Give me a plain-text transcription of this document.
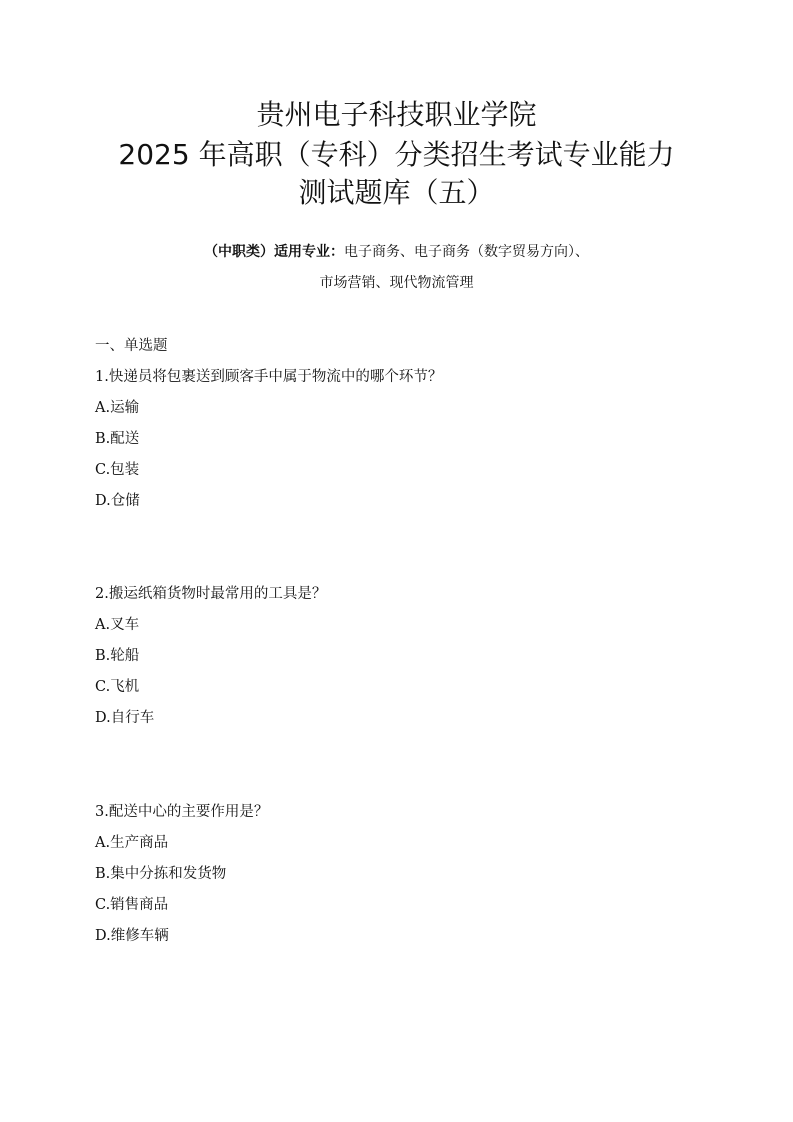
贵州电子科技职业学院
2025 年高职（专科）分类招生考试专业能力
测试题库（五）
（中职类）适用专业：电子商务、电子商务（数字贸易方向）、
市场营销、现代物流管理
一、单选题
1.快递员将包裹送到顾客手中属于物流中的哪个环节？
A.运输
B.配送
C.包装
D.仓储
2.搬运纸箱货物时最常用的工具是？
A.叉车
B.轮船
C.飞机
D.自行车
3.配送中心的主要作用是？
A.生产商品
B.集中分拣和发货物
C.销售商品
D.维修车辆
